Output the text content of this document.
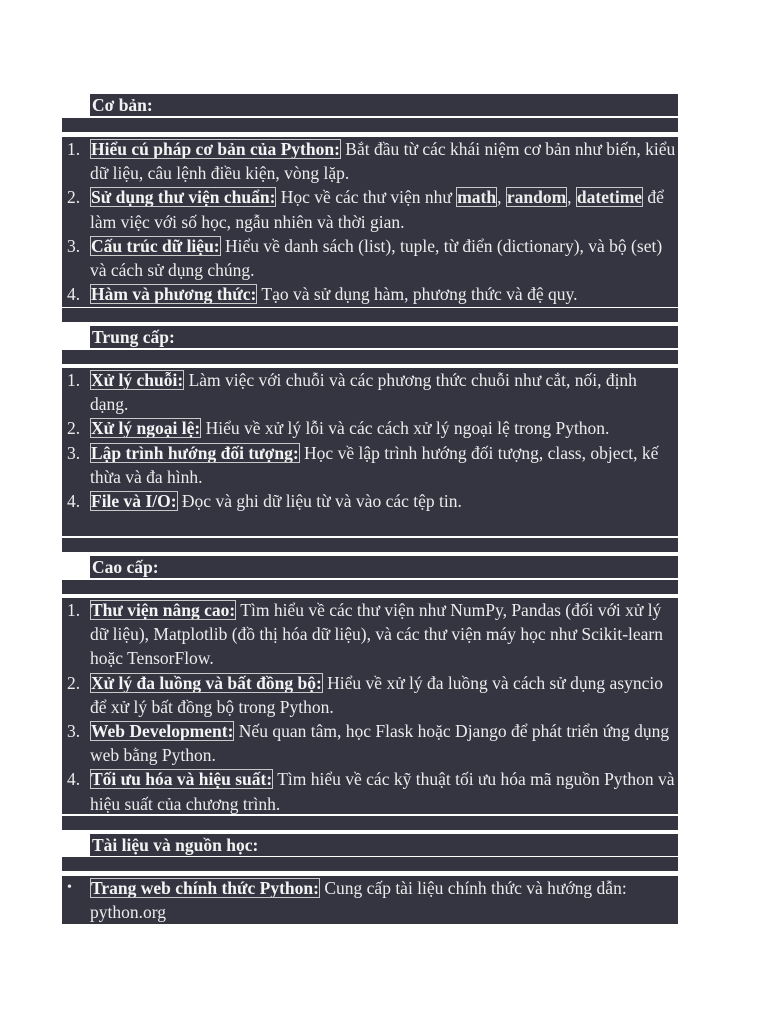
Cơ bản:
1. Hiểu cú pháp cơ bản của Python: Bắt đầu từ các khái niệm cơ bản như biến, kiểu dữ liệu, câu lệnh điều kiện, vòng lặp.
2. Sử dụng thư viện chuẩn: Học về các thư viện như math, random, datetime để làm việc với số học, ngẫu nhiên và thời gian.
3. Cấu trúc dữ liệu: Hiểu về danh sách (list), tuple, từ điển (dictionary), và bộ (set) và cách sử dụng chúng.
4. Hàm và phương thức: Tạo và sử dụng hàm, phương thức và đệ quy.
Trung cấp:
1. Xử lý chuỗi: Làm việc với chuỗi và các phương thức chuỗi như cắt, nối, định dạng.
2. Xử lý ngoại lệ: Hiểu về xử lý lỗi và các cách xử lý ngoại lệ trong Python.
3. Lập trình hướng đối tượng: Học về lập trình hướng đối tượng, class, object, kế thừa và đa hình.
4. File và I/O: Đọc và ghi dữ liệu từ và vào các tệp tin.
Cao cấp:
1. Thư viện nâng cao: Tìm hiểu về các thư viện như NumPy, Pandas (đối với xử lý dữ liệu), Matplotlib (đồ thị hóa dữ liệu), và các thư viện máy học như Scikit-learn hoặc TensorFlow.
2. Xử lý đa luồng và bất đồng bộ: Hiểu về xử lý đa luồng và cách sử dụng asyncio để xử lý bất đồng bộ trong Python.
3. Web Development: Nếu quan tâm, học Flask hoặc Django để phát triển ứng dụng web bằng Python.
4. Tối ưu hóa và hiệu suất: Tìm hiểu về các kỹ thuật tối ưu hóa mã nguồn Python và hiệu suất của chương trình.
Tài liệu và nguồn học:
• Trang web chính thức Python: Cung cấp tài liệu chính thức và hướng dẫn: python.org
